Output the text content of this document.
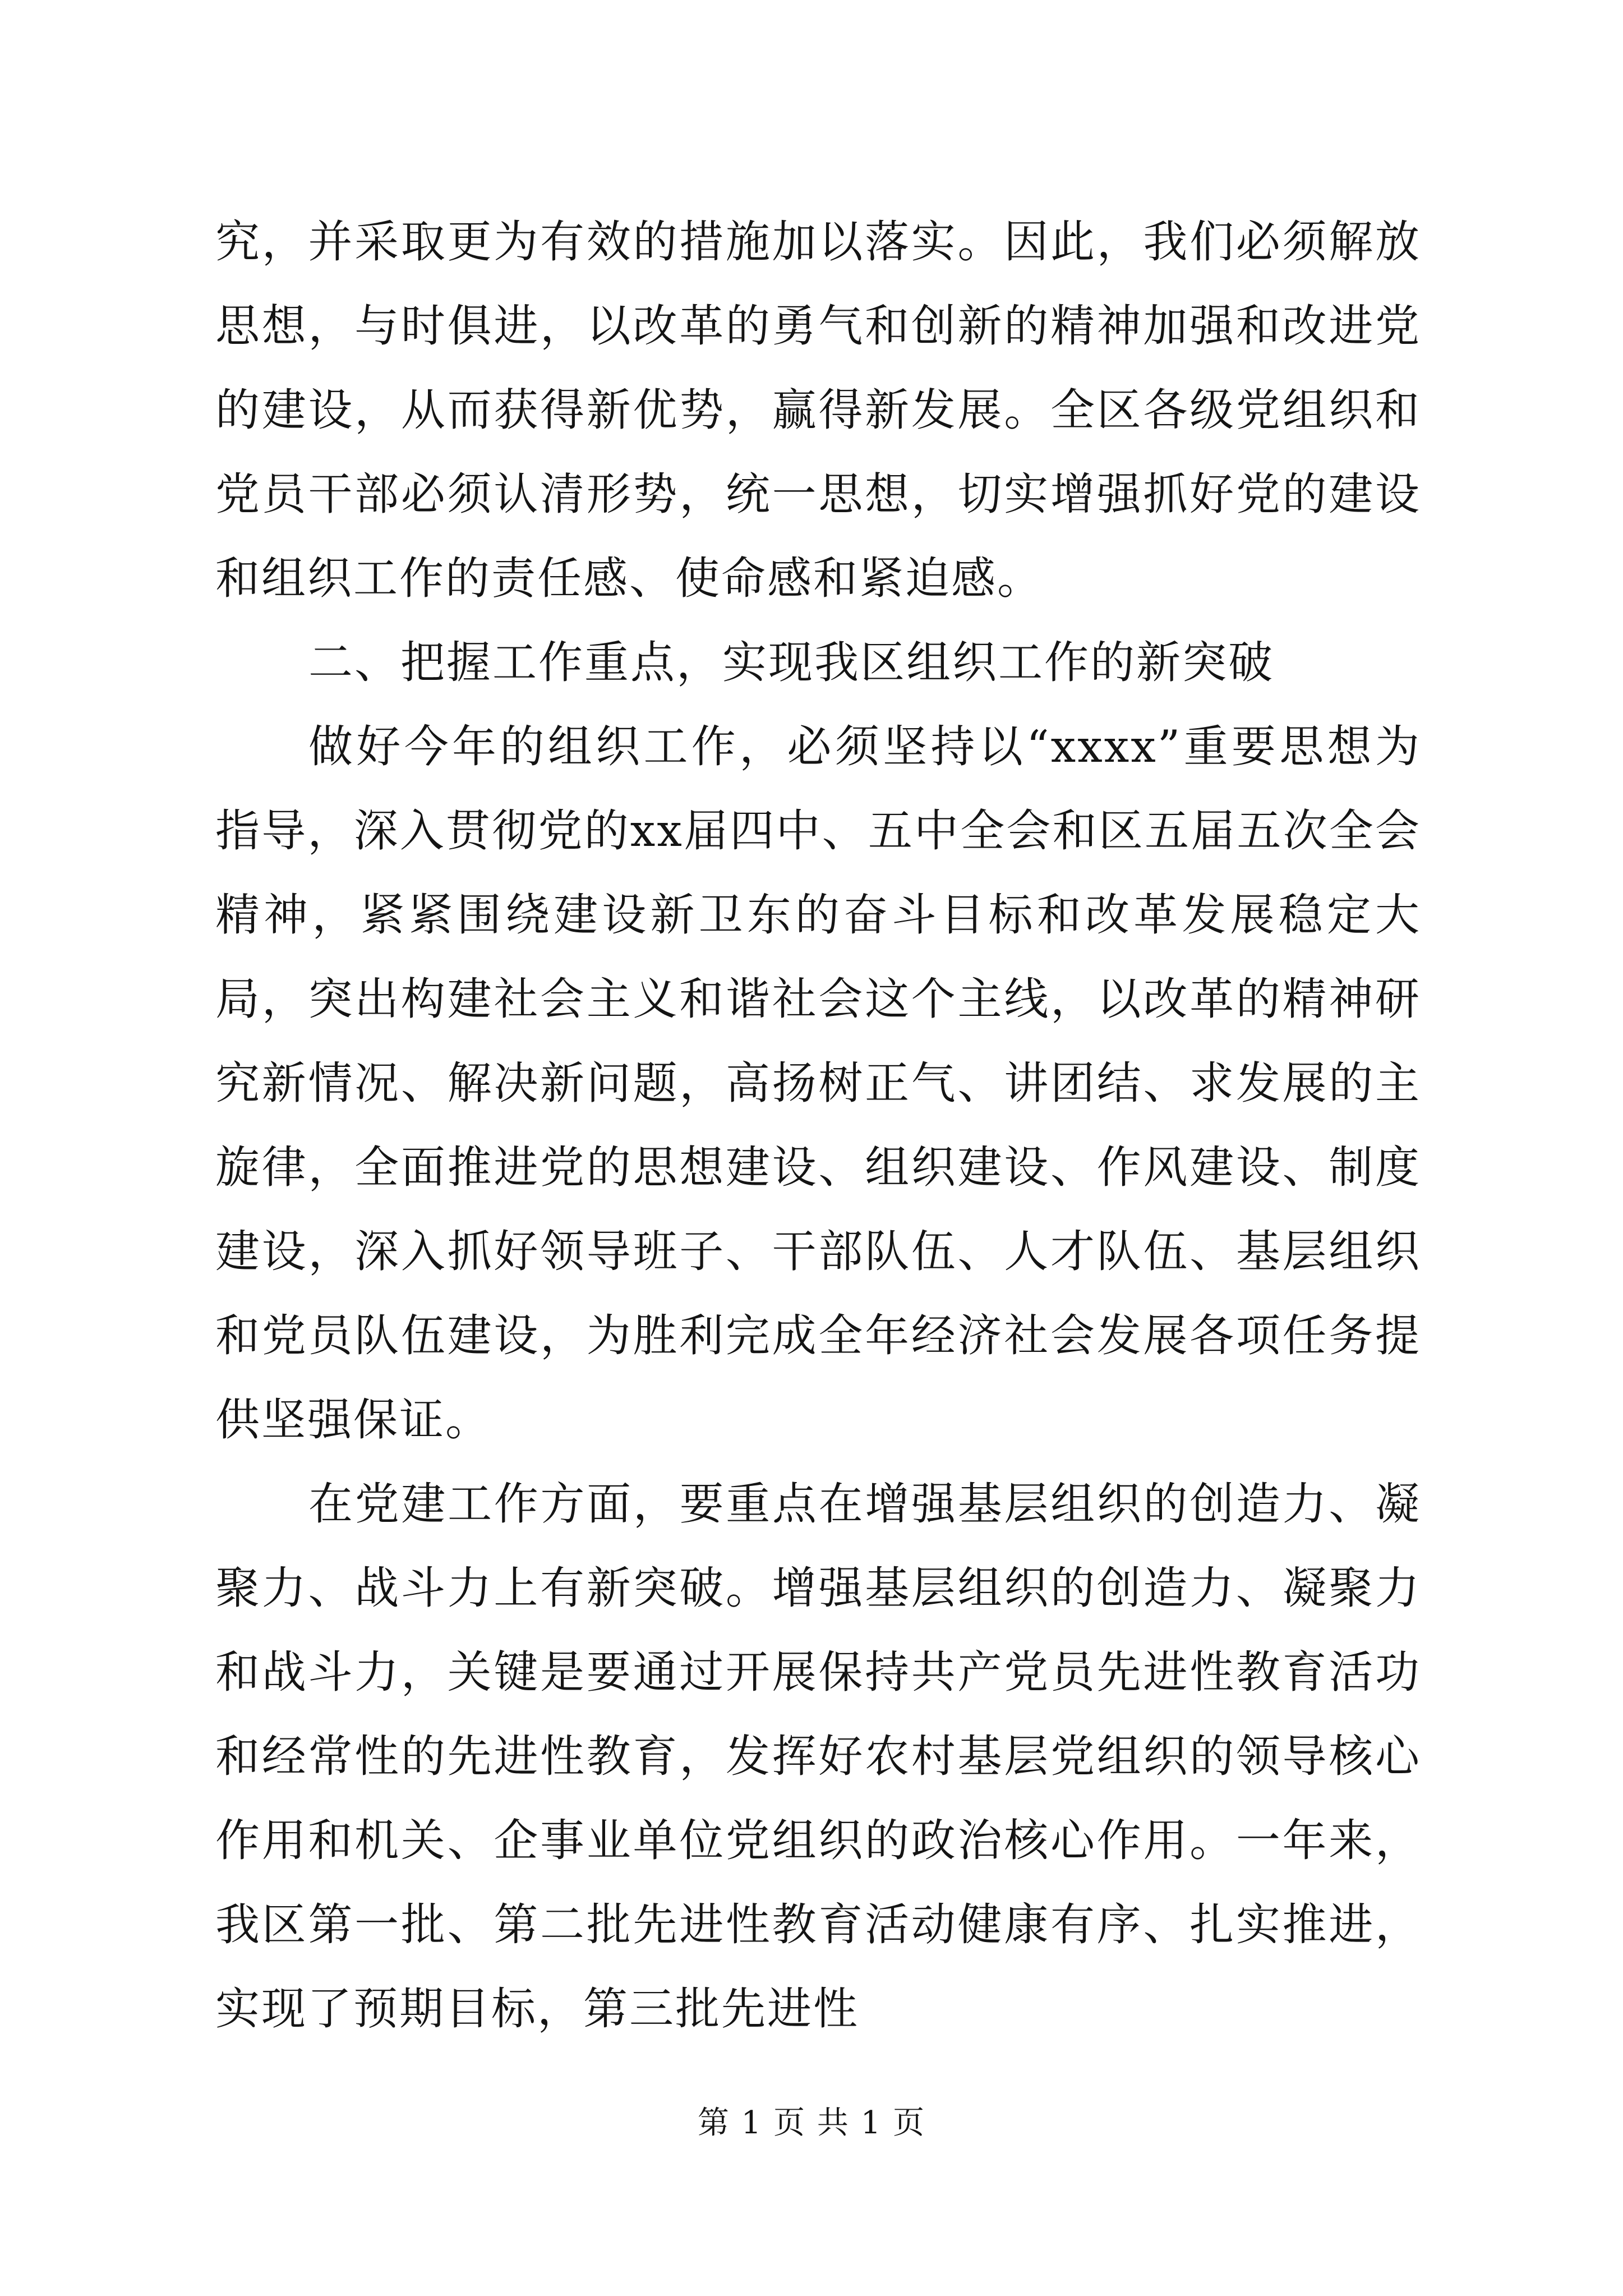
究，并采取更为有效的措施加以落实。因此，我们必须解放思想，与时俱进，以改革的勇气和创新的精神加强和改进党的建设，从而获得新优势，赢得新发展。全区各级党组织和党员干部必须认清形势，统一思想，切实增强抓好党的建设和组织工作的责任感、使命感和紧迫感。

二、把握工作重点，实现我区组织工作的新突破

做好今年的组织工作，必须坚持以“xxxx”重要思想为指导，深入贯彻党的xx届四中、五中全会和区五届五次全会精神，紧紧围绕建设新卫东的奋斗目标和改革发展稳定大局，突出构建社会主义和谐社会这个主线，以改革的精神研究新情况、解决新问题，高扬树正气、讲团结、求发展的主旋律，全面推进党的思想建设、组织建设、作风建设、制度建设，深入抓好领导班子、干部队伍、人才队伍、基层组织和党员队伍建设，为胜利完成全年经济社会发展各项任务提供坚强保证。

在党建工作方面，要重点在增强基层组织的创造力、凝聚力、战斗力上有新突破。增强基层组织的创造力、凝聚力和战斗力，关键是要通过开展保持共产党员先进性教育活功和经常性的先进性教育，发挥好农村基层党组织的领导核心作用和机关、企事业单位党组织的政治核心作用。一年来，我区第一批、第二批先进性教育活动健康有序、扎实推进，实现了预期目标，第三批先进性

第 1 页 共 1 页
